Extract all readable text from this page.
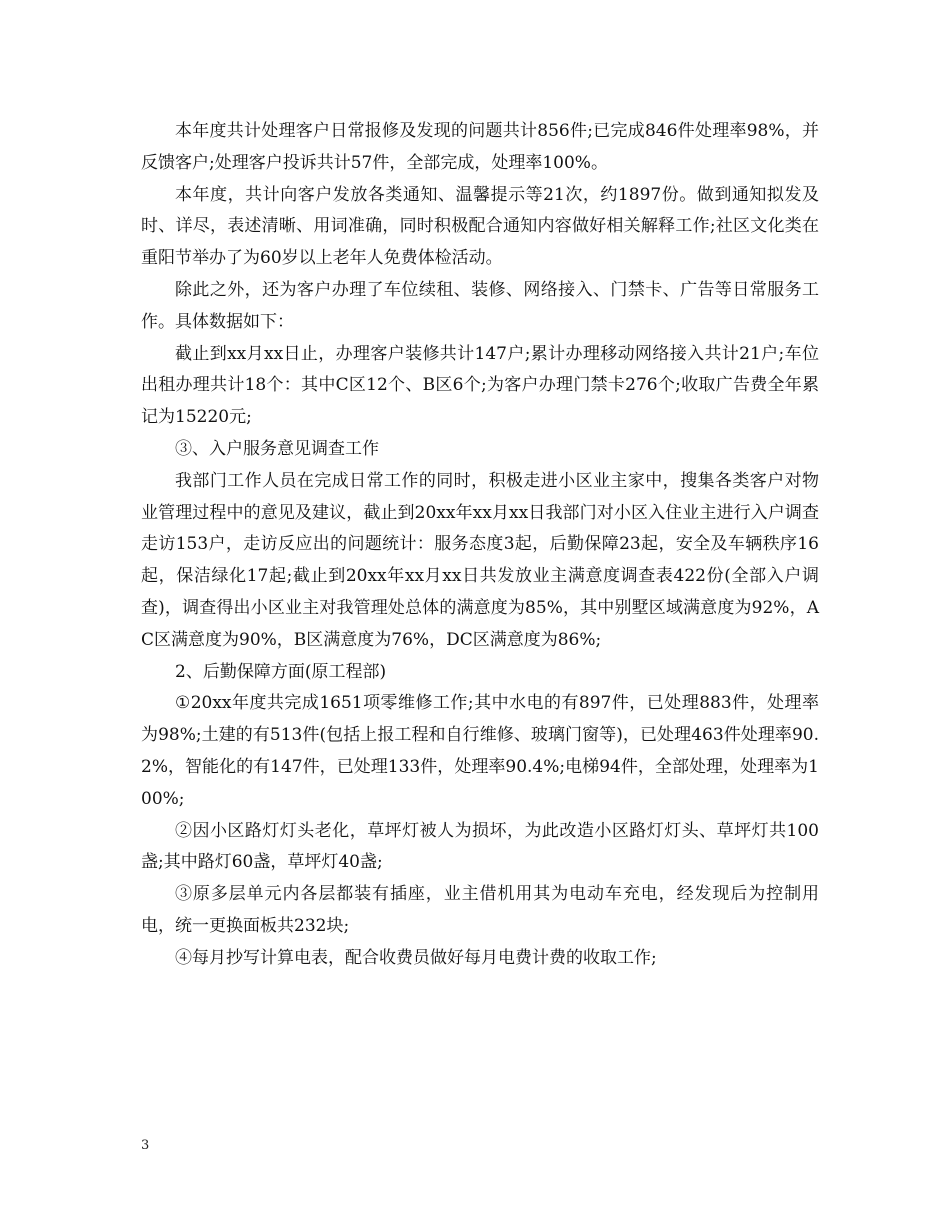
本年度共计处理客户日常报修及发现的问题共计856件;已完成846件处理率98%，并反馈客户;处理客户投诉共计57件，全部完成，处理率100%。

本年度，共计向客户发放各类通知、温馨提示等21次，约1897份。做到通知拟发及时、详尽，表述清晰、用词准确，同时积极配合通知内容做好相关解释工作;社区文化类在重阳节举办了为60岁以上老年人免费体检活动。

除此之外，还为客户办理了车位续租、装修、网络接入、门禁卡、广告等日常服务工作。具体数据如下：

截止到xx月xx日止，办理客户装修共计147户;累计办理移动网络接入共计21户;车位出租办理共计18个：其中C区12个、B区6个;为客户办理门禁卡276个;收取广告费全年累记为15220元;

③、入户服务意见调查工作

我部门工作人员在完成日常工作的同时，积极走进小区业主家中，搜集各类客户对物业管理过程中的意见及建议，截止到20xx年xx月xx日我部门对小区入住业主进行入户调查走访153户，走访反应出的问题统计：服务态度3起，后勤保障23起，安全及车辆秩序16起，保洁绿化17起;截止到20xx年xx月xx日共发放业主满意度调查表422份(全部入户调查)，调查得出小区业主对我管理处总体的满意度为85%，其中别墅区域满意度为92%，AC区满意度为90%，B区满意度为76%，DC区满意度为86%;

2、后勤保障方面(原工程部)

①20xx年度共完成1651项零维修工作;其中水电的有897件，已处理883件，处理率为98%;土建的有513件(包括上报工程和自行维修、玻璃门窗等)，已处理463件处理率90.2%，智能化的有147件，已处理133件，处理率90.4%;电梯94件，全部处理，处理率为100%;

②因小区路灯灯头老化，草坪灯被人为损坏，为此改造小区路灯灯头、草坪灯共100盏;其中路灯60盏，草坪灯40盏;

③原多层单元内各层都装有插座，业主借机用其为电动车充电，经发现后为控制用电，统一更换面板共232块;

④每月抄写计算电表，配合收费员做好每月电费计费的收取工作;

3
